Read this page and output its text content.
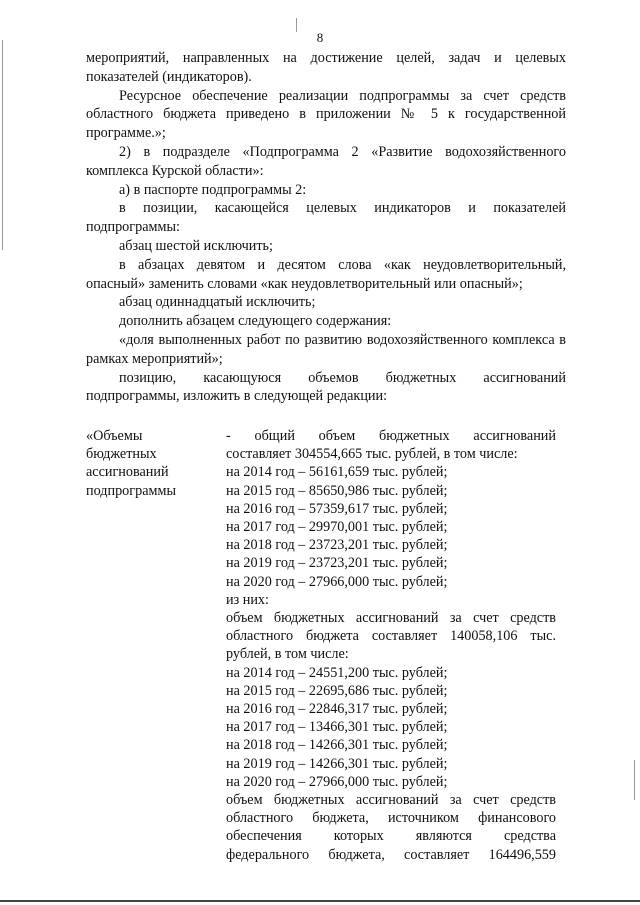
8

мероприятий, направленных на достижение целей, задач и целевых показателей (индикаторов).

Ресурсное обеспечение реализации подпрограммы за счет средств областного бюджета приведено в приложении № 5 к государственной программе.»;

2) в подразделе «Подпрограмма 2 «Развитие водохозяйственного комплекса Курской области»:

а) в паспорте подпрограммы 2:

в позиции, касающейся целевых индикаторов и показателей подпрограммы:

абзац шестой исключить;

в абзацах девятом и десятом слова «как неудовлетворительный, опасный» заменить словами «как неудовлетворительный или опасный»;

абзац одиннадцатый исключить;

дополнить абзацем следующего содержания:

«доля выполненных работ по развитию водохозяйственного комплекса в рамках мероприятий»;

позицию, касающуюся объемов бюджетных ассигнований подпрограммы, изложить в следующей редакции:

«Объемы
бюджетных
ассигнований
подпрограммы
- общий объем бюджетных ассигнований
составляет 304554,665 тыс. рублей, в том числе:
на 2014 год – 56161,659 тыс. рублей;
на 2015 год – 85650,986 тыс. рублей;
на 2016 год – 57359,617 тыс. рублей;
на 2017 год – 29970,001 тыс. рублей;
на 2018 год – 23723,201 тыс. рублей;
на 2019 год – 23723,201 тыс. рублей;
на 2020 год – 27966,000 тыс. рублей;
из них:
объем бюджетных ассигнований за счет средств
областного бюджета составляет 140058,106 тыс.
рублей, в том числе:
на 2014 год – 24551,200 тыс. рублей;
на 2015 год – 22695,686 тыс. рублей;
на 2016 год – 22846,317 тыс. рублей;
на 2017 год – 13466,301 тыс. рублей;
на 2018 год – 14266,301 тыс. рублей;
на 2019 год – 14266,301 тыс. рублей;
на 2020 год – 27966,000 тыс. рублей;
объем бюджетных ассигнований за счет средств
областного бюджета, источником финансового
обеспечения которых являются средства
федерального бюджета, составляет 164496,559
